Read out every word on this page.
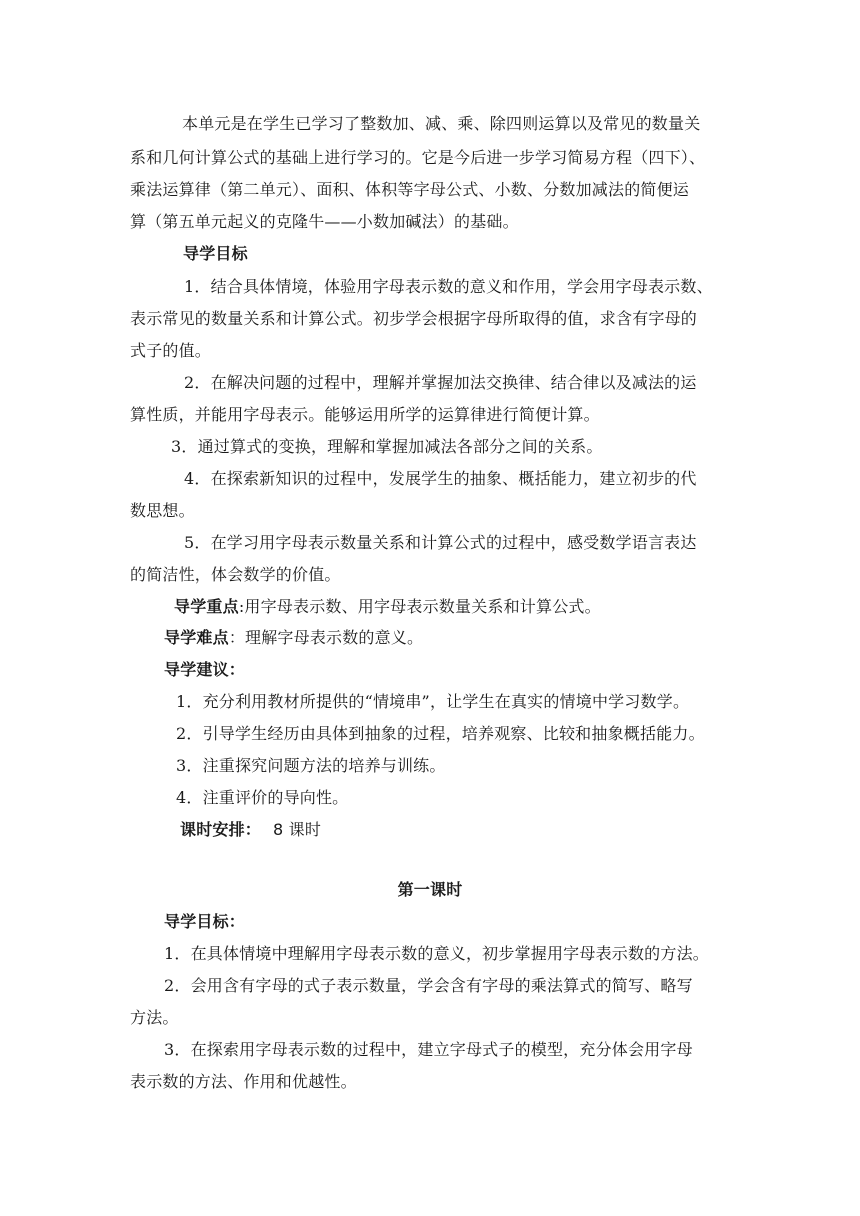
本单元是在学生已学习了整数加、减、乘、除四则运算以及常见的数量关
系和几何计算公式的基础上进行学习的。它是今后进一步学习简易方程（四下）、
乘法运算律（第二单元）、面积、体积等字母公式、小数、分数加减法的简便运
算（第五单元起义的克隆牛——小数加碱法）的基础。
导学目标
1．结合具体情境，体验用字母表示数的意义和作用，学会用字母表示数、
表示常见的数量关系和计算公式。初步学会根据字母所取得的值，求含有字母的
式子的值。
2．在解决问题的过程中，理解并掌握加法交换律、结合律以及减法的运
算性质，并能用字母表示。能够运用所学的运算律进行简便计算。
3．通过算式的变换，理解和掌握加减法各部分之间的关系。
4．在探索新知识的过程中，发展学生的抽象、概括能力，建立初步的代
数思想。
5．在学习用字母表示数量关系和计算公式的过程中，感受数学语言表达
的简洁性，体会数学的价值。
导学重点:用字母表示数、用字母表示数量关系和计算公式。
导学难点：理解字母表示数的意义。
导学建议：
1．充分利用教材所提供的“情境串”，让学生在真实的情境中学习数学。
2．引导学生经历由具体到抽象的过程，培养观察、比较和抽象概括能力。
3．注重探究问题方法的培养与训练。
4．注重评价的导向性。
课时安排： 8 课时
第一课时
导学目标：
1．在具体情境中理解用字母表示数的意义，初步掌握用字母表示数的方法。
2．会用含有字母的式子表示数量，学会含有字母的乘法算式的简写、略写
方法。
3．在探索用字母表示数的过程中，建立字母式子的模型，充分体会用字母
表示数的方法、作用和优越性。
